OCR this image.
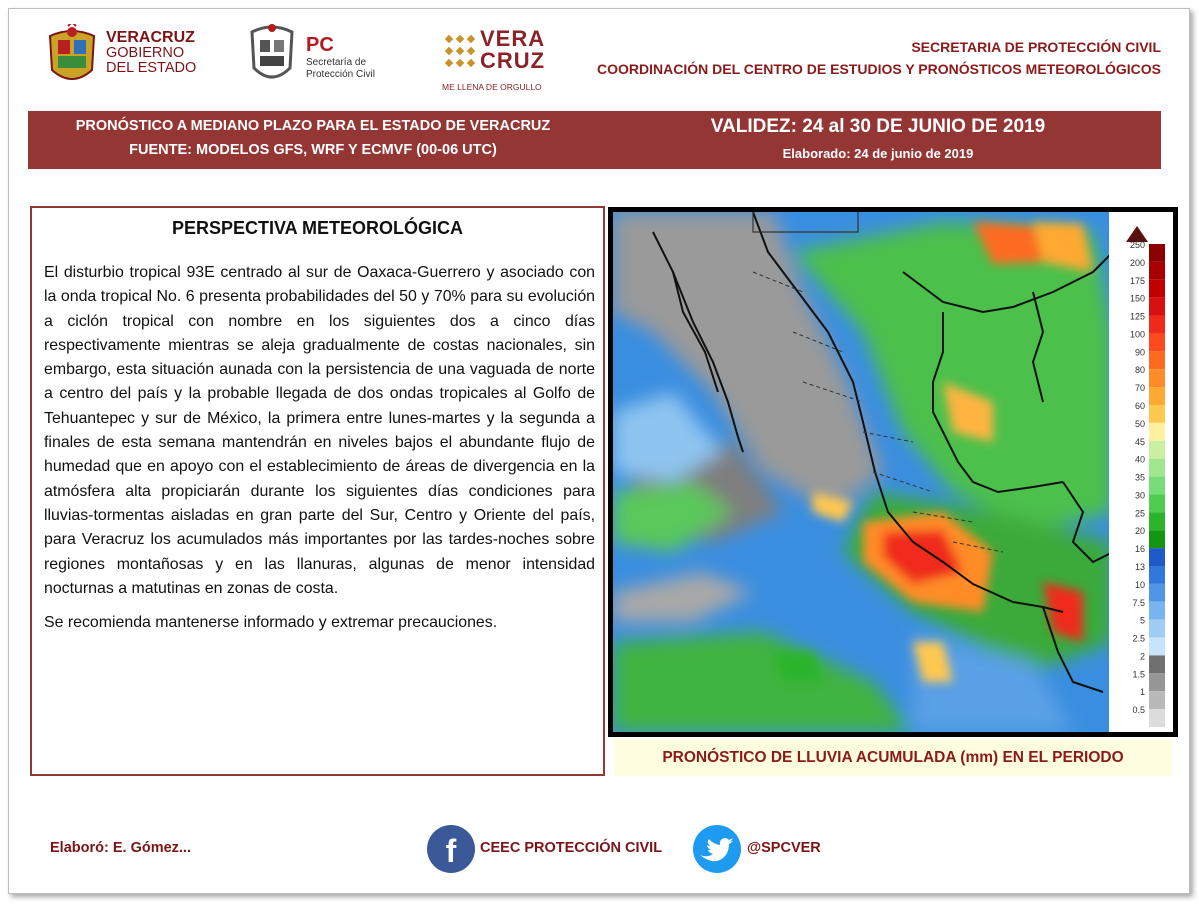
VERACRUZ
GOBIERNO
DEL ESTADO
PC
Secretaría de
Protección Civil
VERA
CRUZ
ME LLENA DE ORGULLO
SECRETARIA DE PROTECCIÓN CIVIL
COORDINACIÓN DEL CENTRO DE ESTUDIOS Y PRONÓSTICOS METEOROLÓGICOS
PRONÓSTICO A MEDIANO PLAZO PARA EL ESTADO DE VERACRUZ
FUENTE: MODELOS GFS, WRF Y ECMVF (00-06 UTC)
VALIDEZ: 24 al 30 DE JUNIO DE 2019
Elaborado: 24 de junio de 2019
PERSPECTIVA METEOROLÓGICA

El disturbio tropical 93E centrado al sur de Oaxaca-Guerrero y asociado con la onda tropical No. 6 presenta probabilidades del 50 y 70% para su evolución a ciclón tropical con nombre en los siguientes dos a cinco días respectivamente mientras se aleja gradualmente de costas nacionales, sin embargo, esta situación aunada con la persistencia de una vaguada de norte a centro del país y la probable llegada de dos ondas tropicales al Golfo de Tehuantepec y sur de México, la primera entre lunes-martes y la segunda a finales de esta semana mantendrán en niveles bajos el abundante flujo de humedad que en apoyo con el establecimiento de áreas de divergencia en la atmósfera alta propiciarán durante los siguientes días condiciones para lluvias-tormentas aisladas en gran parte del Sur, Centro y Oriente del país, para Veracruz los acumulados más importantes por las tardes-noches sobre regiones montañosas y en las llanuras, algunas de menor intensidad nocturnas a matutinas en zonas de costa.

Se recomienda mantenerse informado y extremar precauciones.

250
200
175
150
125
100
90
80
70
60
50
45
40
35
30
25
20
16
13
10
7.5
5
2.5
2
1.5
1
0.5
PRONÓSTICO DE LLUVIA ACUMULADA (mm) EN EL PERIODO
Elaboró: E. Gómez...	f	CEEC PROTECCIÓN CIVIL	@SPCVER
